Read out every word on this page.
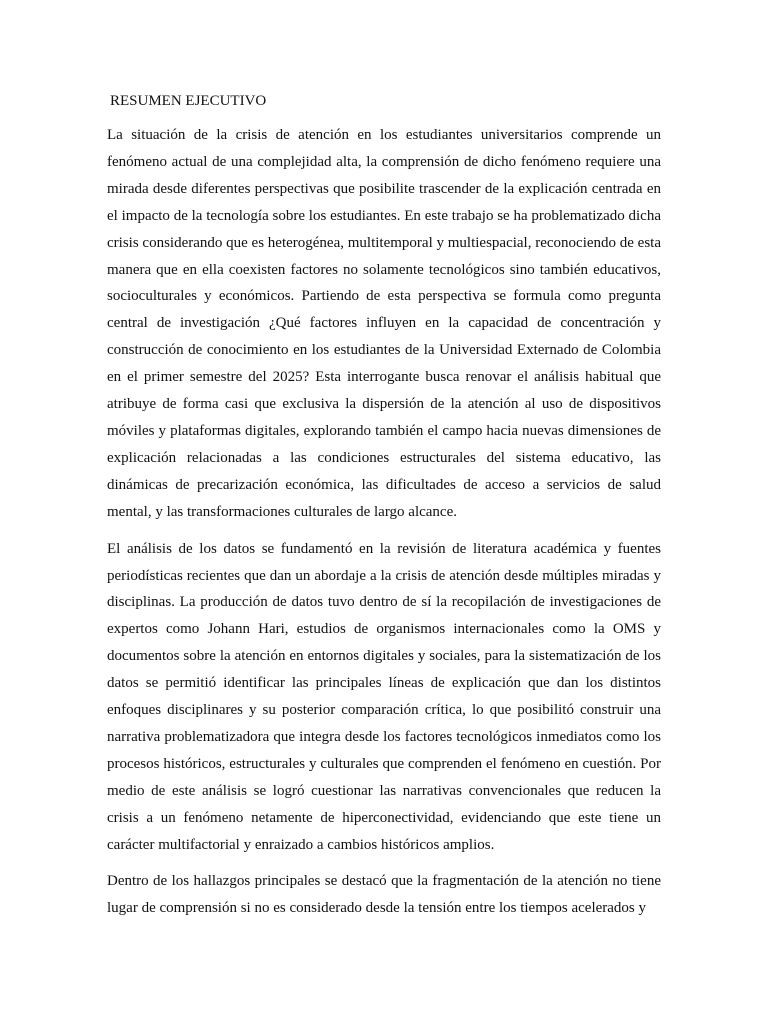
RESUMEN EJECUTIVO

La situación de la crisis de atención en los estudiantes universitarios comprende un fenómeno actual de una complejidad alta, la comprensión de dicho fenómeno requiere una mirada desde diferentes perspectivas que posibilite trascender de la explicación centrada en el impacto de la tecnología sobre los estudiantes. En este trabajo se ha problematizado dicha crisis considerando que es heterogénea, multitemporal y multiespacial, reconociendo de esta manera que en ella coexisten factores no solamente tecnológicos sino también educativos, socioculturales y económicos. Partiendo de esta perspectiva se formula como pregunta central de investigación ¿Qué factores influyen en la capacidad de concentración y construcción de conocimiento en los estudiantes de la Universidad Externado de Colombia en el primer semestre del 2025? Esta interrogante busca renovar el análisis habitual que atribuye de forma casi que exclusiva la dispersión de la atención al uso de dispositivos móviles y plataformas digitales, explorando también el campo hacia nuevas dimensiones de explicación relacionadas a las condiciones estructurales del sistema educativo, las dinámicas de precarización económica, las dificultades de acceso a servicios de salud mental, y las transformaciones culturales de largo alcance.

El análisis de los datos se fundamentó en la revisión de literatura académica y fuentes periodísticas recientes que dan un abordaje a la crisis de atención desde múltiples miradas y disciplinas. La producción de datos tuvo dentro de sí la recopilación de investigaciones de expertos como Johann Hari, estudios de organismos internacionales como la OMS y documentos sobre la atención en entornos digitales y sociales, para la sistematización de los datos se permitió identificar las principales líneas de explicación que dan los distintos enfoques disciplinares y su posterior comparación crítica, lo que posibilitó construir una narrativa problematizadora que integra desde los factores tecnológicos inmediatos como los procesos históricos, estructurales y culturales que comprenden el fenómeno en cuestión. Por medio de este análisis se logró cuestionar las narrativas convencionales que reducen la crisis a un fenómeno netamente de hiperconectividad, evidenciando que este tiene un carácter multifactorial y enraizado a cambios históricos amplios.

Dentro de los hallazgos principales se destacó que la fragmentación de la atención no tiene lugar de comprensión si no es considerado desde la tensión entre los tiempos acelerados y
